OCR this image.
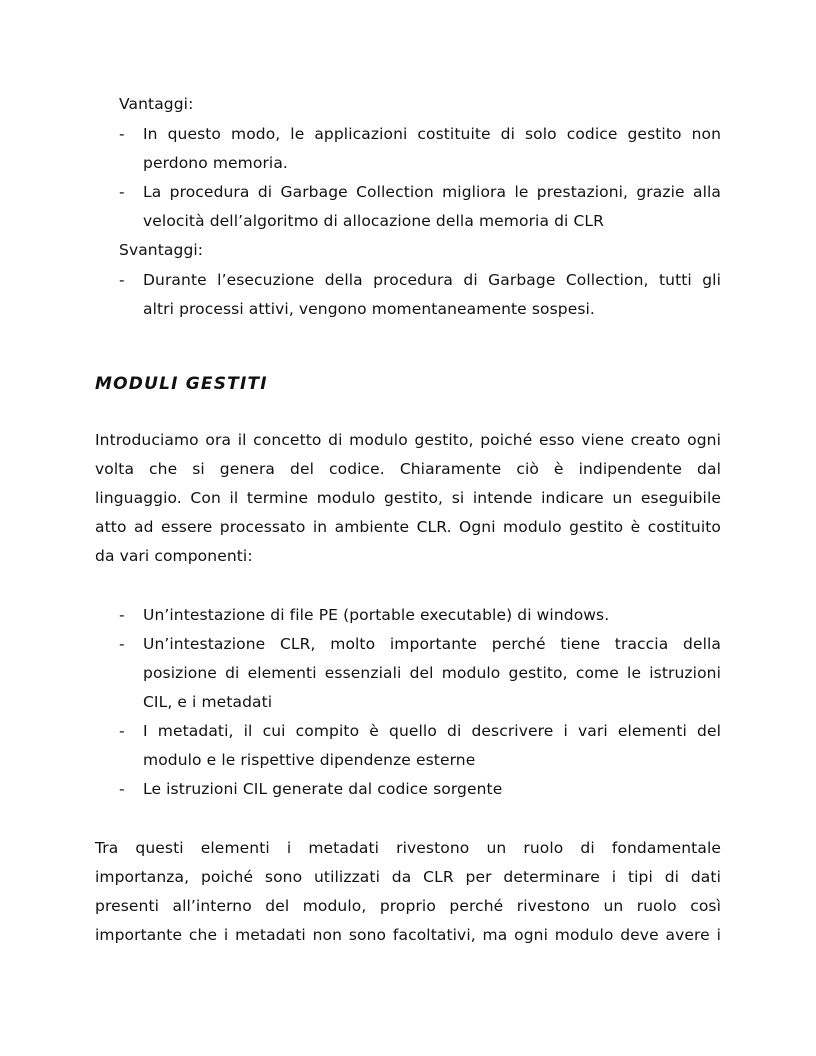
Vantaggi:
- In questo modo, le applicazioni costituite di solo codice gestito non
perdono memoria.
- La procedura di Garbage Collection migliora le prestazioni, grazie alla
velocità dell’algoritmo di allocazione della memoria di CLR
Svantaggi:
- Durante l’esecuzione della procedura di Garbage Collection, tutti gli
altri processi attivi, vengono momentaneamente sospesi.
MODULI GESTITI
Introduciamo ora il concetto di modulo gestito, poiché esso viene creato ogni
volta che si genera del codice. Chiaramente ciò è indipendente dal
linguaggio. Con il termine modulo gestito, si intende indicare un eseguibile
atto ad essere processato in ambiente CLR. Ogni modulo gestito è costituito
da vari componenti:
- Un’intestazione di file PE (portable executable) di windows.
- Un’intestazione CLR, molto importante perché tiene traccia della
posizione di elementi essenziali del modulo gestito, come le istruzioni
CIL, e i metadati
- I metadati, il cui compito è quello di descrivere i vari elementi del
modulo e le rispettive dipendenze esterne
- Le istruzioni CIL generate dal codice sorgente
Tra questi elementi i metadati rivestono un ruolo di fondamentale
importanza, poiché sono utilizzati da CLR per determinare i tipi di dati
presenti all’interno del modulo, proprio perché rivestono un ruolo così
importante che i metadati non sono facoltativi, ma ogni modulo deve avere i
